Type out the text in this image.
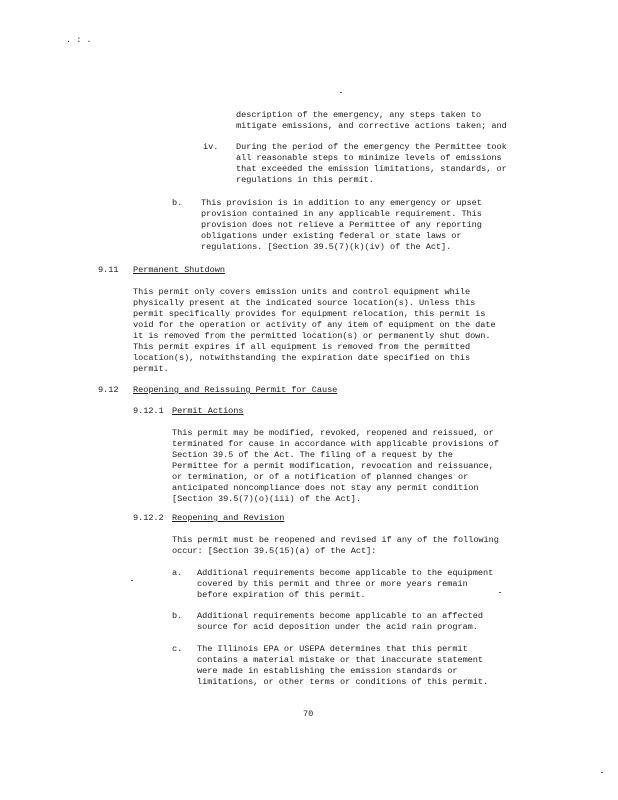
. : .
description of the emergency, any steps taken to
mitigate emissions, and corrective actions taken; and
iv. During the period of the emergency the Permittee took
all reasonable steps to minimize levels of emissions
that exceeded the emission limitations, standards, or
regulations in this permit.
b. This provision is in addition to any emergency or upset
provision contained in any applicable requirement. This
provision does not relieve a Permittee of any reporting
obligations under existing federal or state laws or
regulations. [Section 39.5(7)(k)(iv) of the Act].
9.11 Permanent Shutdown
This permit only covers emission units and control equipment while
physically present at the indicated source location(s). Unless this
permit specifically provides for equipment relocation, this permit is
void for the operation or activity of any item of equipment on the date
it is removed from the permitted location(s) or permanently shut down.
This permit expires if all equipment is removed from the permitted
location(s), notwithstanding the expiration date specified on this
permit.
9.12 Reopening and Reissuing Permit for Cause
9.12.1 Permit Actions
This permit may be modified, revoked, reopened and reissued, or
terminated for cause in accordance with applicable provisions of
Section 39.5 of the Act. The filing of a request by the
Permittee for a permit modification, revocation and reissuance,
or termination, or of a notification of planned changes or
anticipated noncompliance does not stay any permit condition
[Section 39.5(7)(o)(iii) of the Act].
9.12.2 Reopening and Revision
This permit must be reopened and revised if any of the following
occur: [Section 39.5(15)(a) of the Act]:
a. Additional requirements become applicable to the equipment
covered by this permit and three or more years remain
before expiration of this permit.
b. Additional requirements become applicable to an affected
source for acid deposition under the acid rain program.
c. The Illinois EPA or USEPA determines that this permit
contains a material mistake or that inaccurate statement
were made in establishing the emission standards or
limitations, or other terms or conditions of this permit.
70
